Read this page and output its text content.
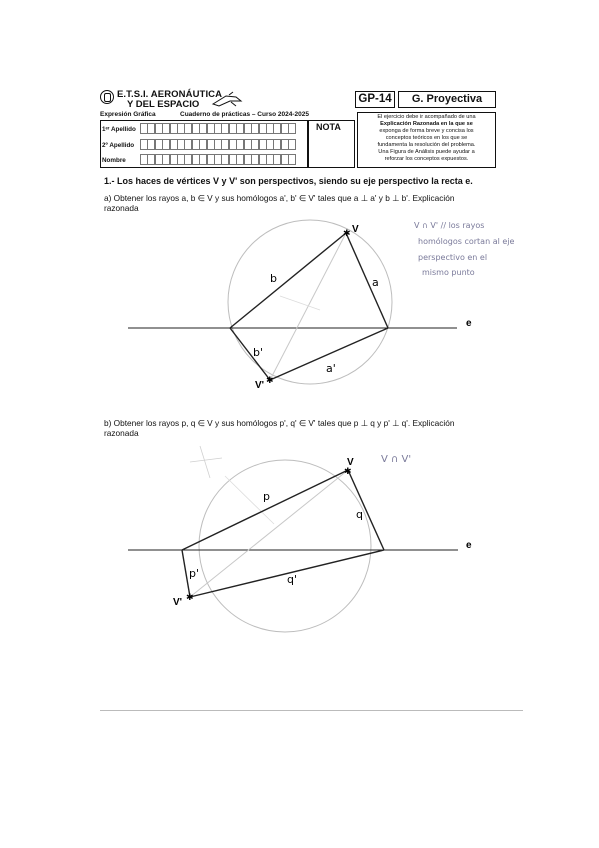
E.T.S.I. AERONÁUTICA
Y DEL ESPACIO
Expresión Gráfica	Cuaderno de prácticas – Curso 2024-2025
1ᵉʳ Apellido
2º Apellido
Nombre
NOTA
GP-14	G. Proyectiva
El ejercicio debe ir acompañado de una
Explicación Razonada en la que se
exponga de forma breve y concisa los
conceptos teóricos en los que se
fundamenta la resolución del problema.
Una Figura de Análisis puede ayudar a
reforzar los conceptos expuestos.
1.- Los haces de vértices V y V' son perspectivos, siendo su eje perspectivo la recta e.
a) Obtener los rayos a, b ∈ V y sus homólogos a', b' ∈ V' tales que a ⊥ a' y b ⊥ b'. Explicación
razonada
b) Obtener los rayos p, q ∈ V y sus homólogos p', q' ∈ V' tales que p ⊥ q y p' ⊥ q'. Explicación
razonada
✱
✱
V
V'
e
a
b
a'
b'
V ∩ V' // los rayos
homólogos cortan al eje
perspectivo en el
mismo punto
✱
✱
V
V'
e
p
q
p'	q'
V ∩ V'
